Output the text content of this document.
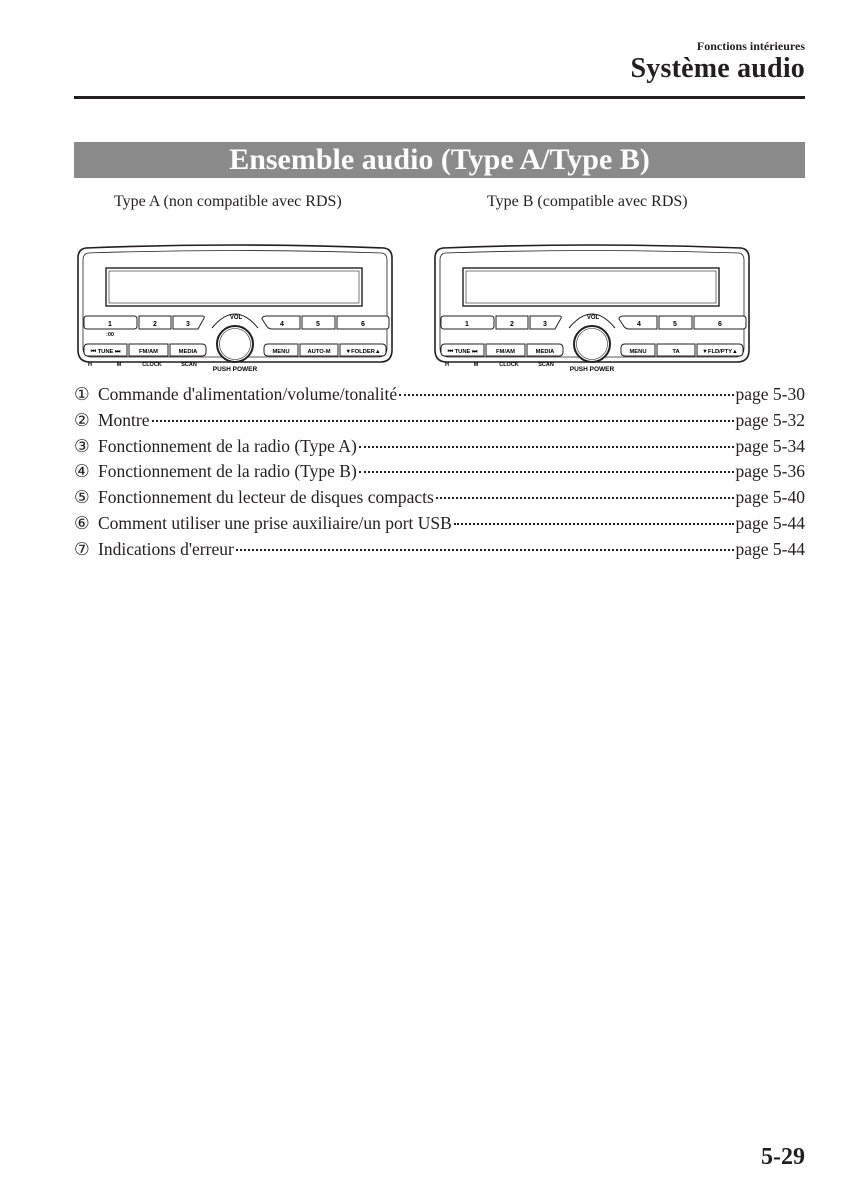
Fonctions intérieures
Système audio
Ensemble audio (Type A/Type B)
Type A (non compatible avec RDS)	Type B (compatible avec RDS)
1
:00
2	3	4	5	6
VOL
PUSH POWER
⏮ TUNE ⏭	FM/AM	MEDIA
H	M	CLOCK	SCAN
MENU	AUTO-M	▼FOLDER▲
1	2	3	4	5	6
VOL
PUSH POWER
⏮ TUNE ⏭	FM/AM	MEDIA
H	M	CLOCK	SCAN
MENU	TA	▼FLD/PTY▲
① Commande d'alimentation/volume/tonalité	page 5-30
② Montre	page 5-32
③ Fonctionnement de la radio (Type A)	page 5-34
④ Fonctionnement de la radio (Type B)	page 5-36
⑤ Fonctionnement du lecteur de disques compacts	page 5-40
⑥ Comment utiliser une prise auxiliaire/un port USB	page 5-44
⑦ Indications d'erreur	page 5-44
5-29
